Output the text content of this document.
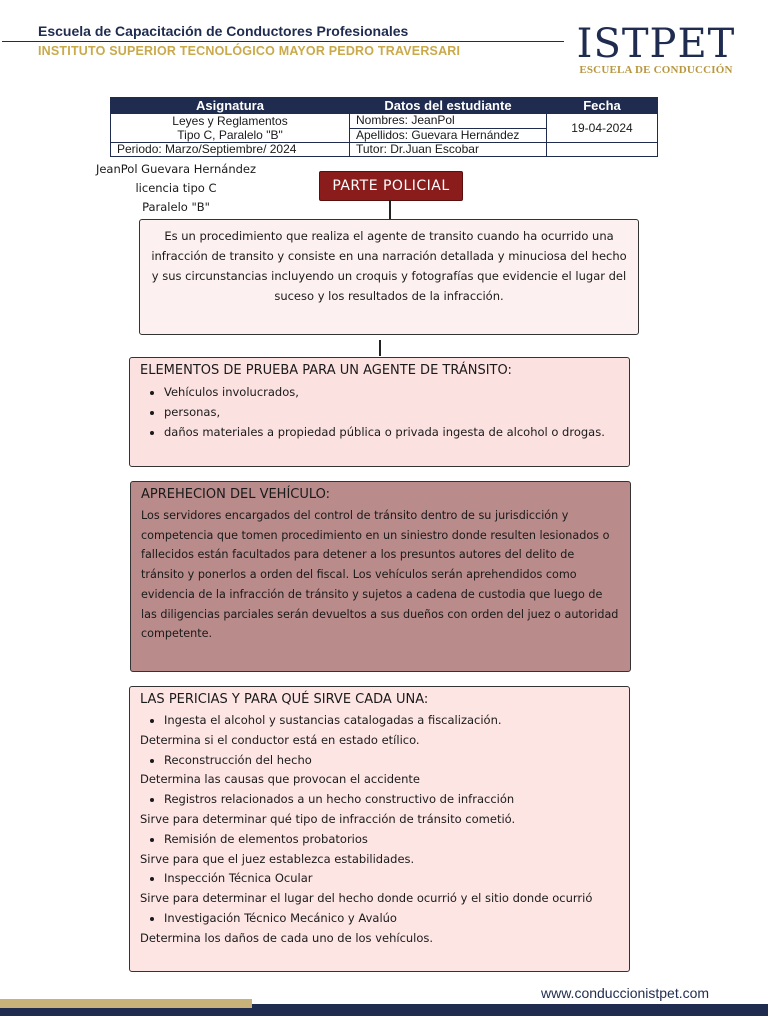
Escuela de Capacitación de Conductores Profesionales
INSTITUTO SUPERIOR TECNOLÓGICO MAYOR PEDRO TRAVERSARI	ISTPET
ESCUELA DE CONDUCCIÓN
Asignatura	Datos del estudiante	Fecha

Leyes y Reglamentos
Tipo C, Paralelo "B"	Nombres: JeanPol	19-04-2024
	Apellidos: Guevara Hernández	
Periodo: Marzo/Septiembre/ 2024	Tutor: Dr.Juan Escobar	
JeanPol Guevara Hernández
licencia tipo C
Paralelo "B"
PARTE POLICIAL
Es un procedimiento que realiza el agente de transito cuando ha ocurrido una infracción de transito y consiste en una narración detallada y minuciosa del hecho y sus circunstancias incluyendo un croquis y fotografías que evidencie el lugar del suceso y los resultados de la infracción.
ELEMENTOS DE PRUEBA PARA UN AGENTE DE TRÁNSITO:
• Vehículos involucrados,
• personas,
• daños materiales a propiedad pública o privada ingesta de alcohol o drogas.
APREHECION DEL VEHÍCULO:
Los servidores encargados del control de tránsito dentro de su jurisdicción y competencia que tomen procedimiento en un siniestro donde resulten lesionados o fallecidos están facultados para detener a los presuntos autores del delito de tránsito y ponerlos a orden del fiscal. Los vehículos serán aprehendidos como evidencia de la infracción de tránsito y sujetos a cadena de custodia que luego de las diligencias parciales serán devueltos a sus dueños con orden del juez o autoridad competente.
LAS PERICIAS Y PARA QUÉ SIRVE CADA UNA:
• Ingesta el alcohol y sustancias catalogadas a fiscalización.
Determina si el conductor está en estado etílico.
• Reconstrucción del hecho
Determina las causas que provocan el accidente
• Registros relacionados a un hecho constructivo de infracción
Sirve para determinar qué tipo de infracción de tránsito cometió.
• Remisión de elementos probatorios
Sirve para que el juez establezca estabilidades.
• Inspección Técnica Ocular
Sirve para determinar el lugar del hecho donde ocurrió y el sitio donde ocurrió
• Investigación Técnico Mecánico y Avalúo
Determina los daños de cada uno de los vehículos.
www.conduccionistpet.com
